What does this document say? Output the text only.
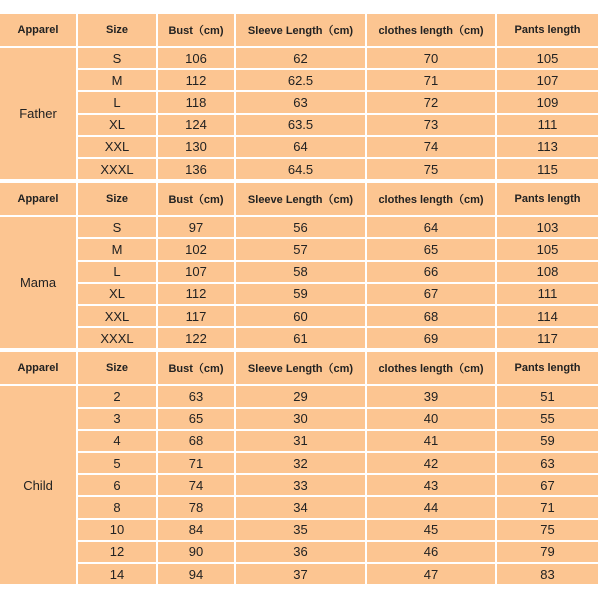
Apparel	Size	Bust（cm)	Sleeve Length（cm)	clothes length（cm)	Pants length
Father
S	106	62	70	105
M	112	62.5	71	107
L	118	63	72	109
XL	124	63.5	73	111
XXL	130	64	74	113
XXXL	136	64.5	75	115
Apparel	Size	Bust（cm)	Sleeve Length（cm)	clothes length（cm)	Pants length
Mama
S	97	56	64	103
M	102	57	65	105
L	107	58	66	108
XL	112	59	67	111
XXL	117	60	68	114
XXXL	122	61	69	117
Apparel	Size	Bust（cm)	Sleeve Length（cm)	clothes length（cm)	Pants length
Child
2	63	29	39	51
3	65	30	40	55
4	68	31	41	59
5	71	32	42	63
6	74	33	43	67
8	78	34	44	71
10	84	35	45	75
12	90	36	46	79
14	94	37	47	83
